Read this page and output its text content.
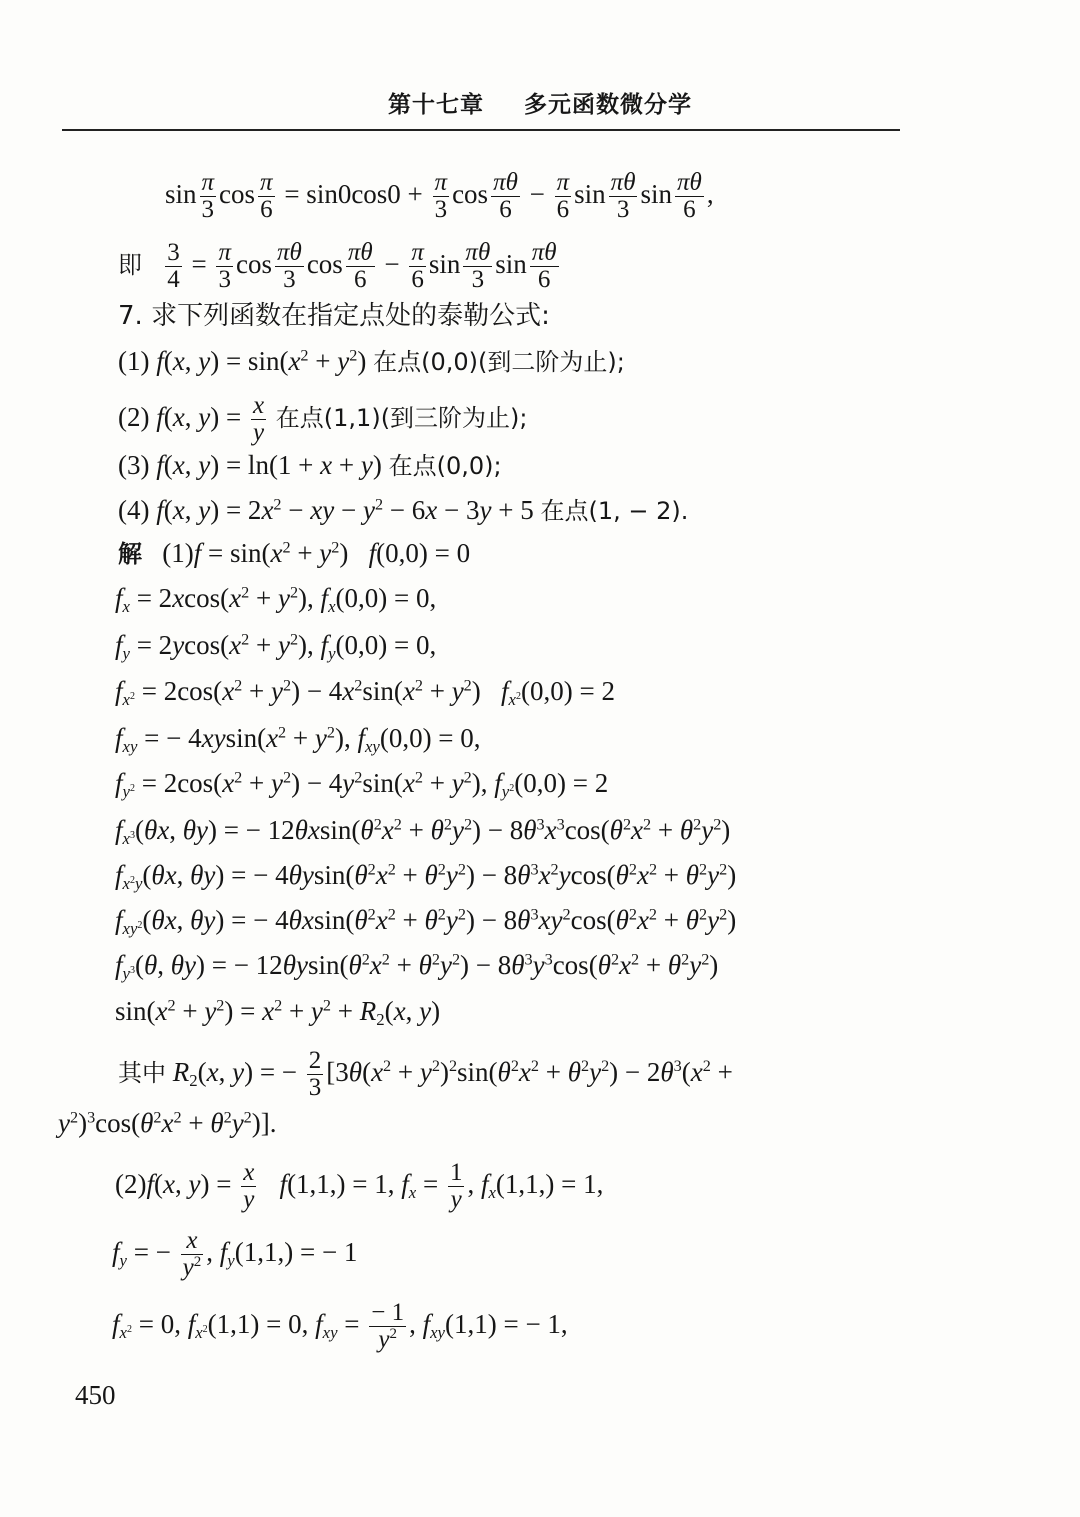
第十七章 多元函数微分学
$\sin \frac{\pi}{3}$ $\cos \frac{\pi}{6} = \sin 0\cos 0 + \frac{\pi}{3}$ $\cos \frac{\pi\theta}{6} - \frac{\pi}{6}$ $\sin \frac{\pi\theta}{3}$ $\sin \frac{\pi\theta}{6}$ ,
即 $\frac{3}{4} = \frac{\pi}{3}$ $\cos \frac{\pi\theta}{3}$ $\cos \frac{\pi\theta}{6} - \frac{\pi}{6}$ $\sin \frac{\pi\theta}{3}$ $\sin \frac{\pi\theta}{6}$
7. 求下列函数在指定点处的泰勒公式:
(1) f(x, $y) = \sin(x^2 + y^2)$ 在点(0,0)(到二阶为止);
(2) f(x, $y) = \frac{x}{y}$ 在点(1,1)(到三阶为止);
(3) f(x, y) = ln(1 + x + y) 在点(0,0);
(4) f(x, $y) = 2x^2$ − xy − $y^2 - 6x - 3y + 5$ 在点(1, − 2).
解   $(1)f = \sin(x^2 + y^2) f(0,0) = 0$
$f_x = 2xcos(x^2 + y^2)$, $f_x(0,0) = 0$,
$f_y = 2ycos(x^2 + y^2)$, $f_y(0,0) = 0$,
$f_{x^2} = 2\cos(x^2 + y^2) - 4x^2\sin(x^2 + y^2) f_{x^2}(0,0) = 2$
$f_{xy}$ = − $4xysin(x^2 + y^2)$, $f_{xy}(0,0) = 0$,
$f_{y^2} = 2\cos(x^2 + y^2) - 4y^2\sin(x^2 + y^2)$, $f_{y^2}(0,0) = 2$
$f_{x^3}(\theta x$, θy) = − $12\theta xsin(\theta^2x^2 + \theta^2y^2) - 8\theta^3x^3\cos(\theta^2x^2 + \theta^2y^2)$
$f_{x^2y}(\theta x$, θy) = − $4\theta ysin(\theta^2x^2 + \theta^2y^2) - 8\theta^3x^2ycos(\theta^2x^2 + \theta^2y^2)$
$f_{xy^2}(\theta x$, θy) = − $4\theta xsin(\theta^2x^2 + \theta^2y^2) - 8\theta^3xy^2\cos(\theta^2x^2 + \theta^2y^2)$
$f_{y^3}(\theta$, θy) = − $12\theta ysin(\theta^2x^2 + \theta^2y^2) - 8\theta^3y^3\cos(\theta^2x^2 + \theta^2y^2)$
$\sin(x^2 + y^2) = x^2 + y^2 + R_2(x$, y)
其中 $R_2(x$, y) = − $\frac{2}{3} [3\theta(x^2 + y^2)^2\sin(\theta^2x^2 + \theta^2y^2) - 2\theta^3(x^2$ +
$y^2)^3\cos(\theta^2x^2 + \theta^2y^2)$].
(2)f(x, $y) = \frac{x}{y} f(1,1,) = 1$, $f_x = \frac{1}{y}$ , $f_x(1,1,) = 1$,
$f_y$ = − $\frac{x}{y^2}$ , $f_y(1,1,)$ = − 1
$f_{x^2} = 0$, $f_{x^2}(1,1) = 0$, $f_{xy} = \frac{- 1}{y^2}$ , $f_{xy}(1,1)$ = − 1,
450
